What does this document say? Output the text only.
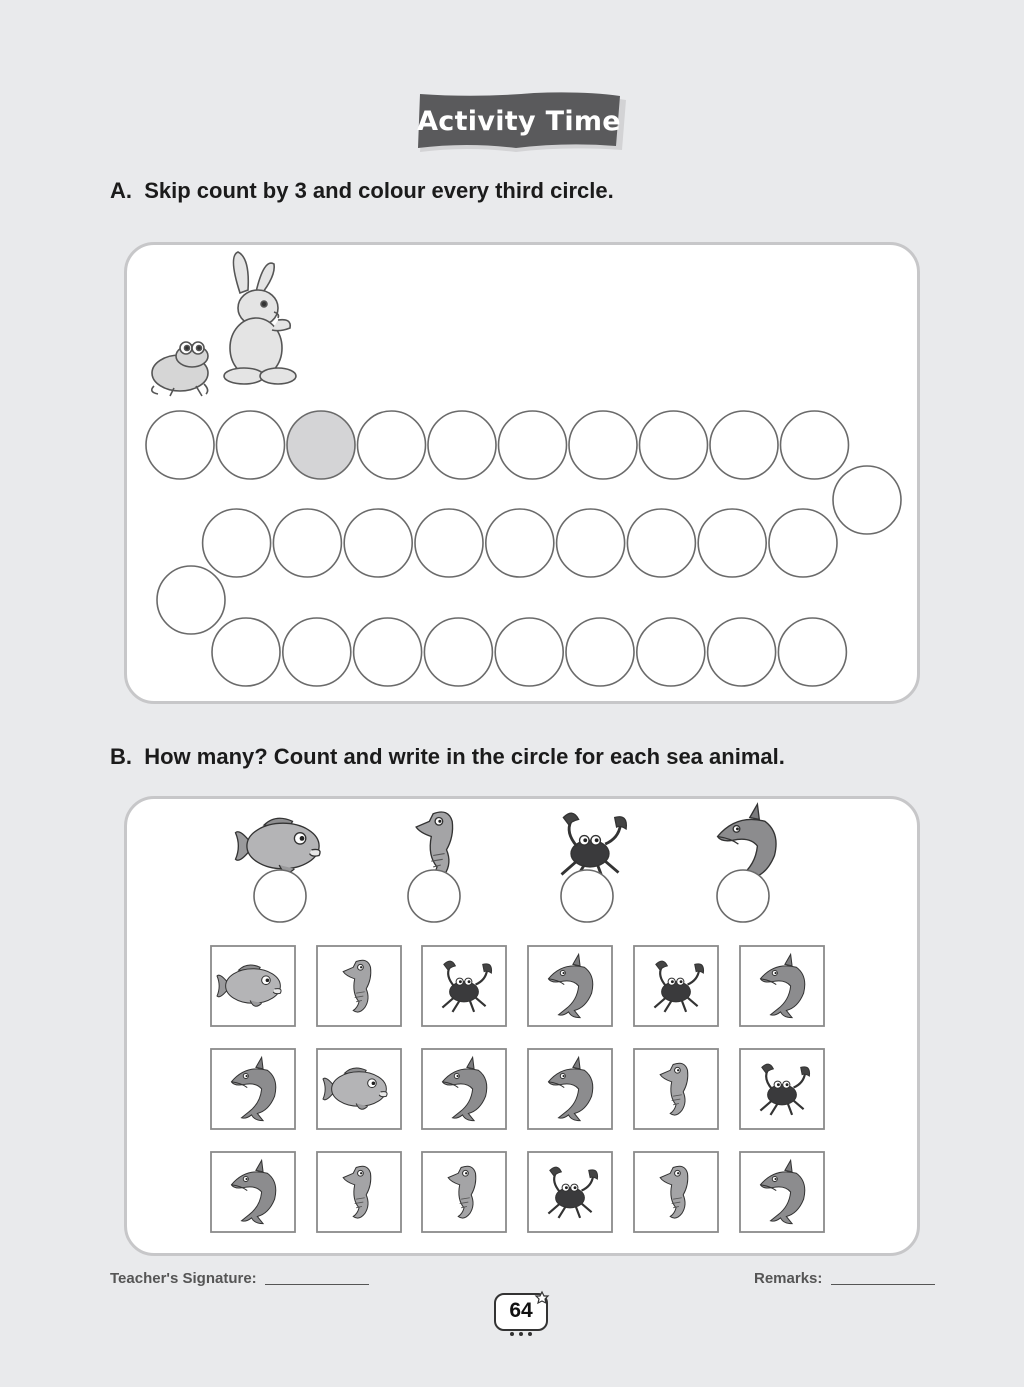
Activity Time
A. Skip count by 3 and colour every third circle.
B. How many? Count and write in the circle for each sea animal.
Teacher's Signature:	Remarks:
64
